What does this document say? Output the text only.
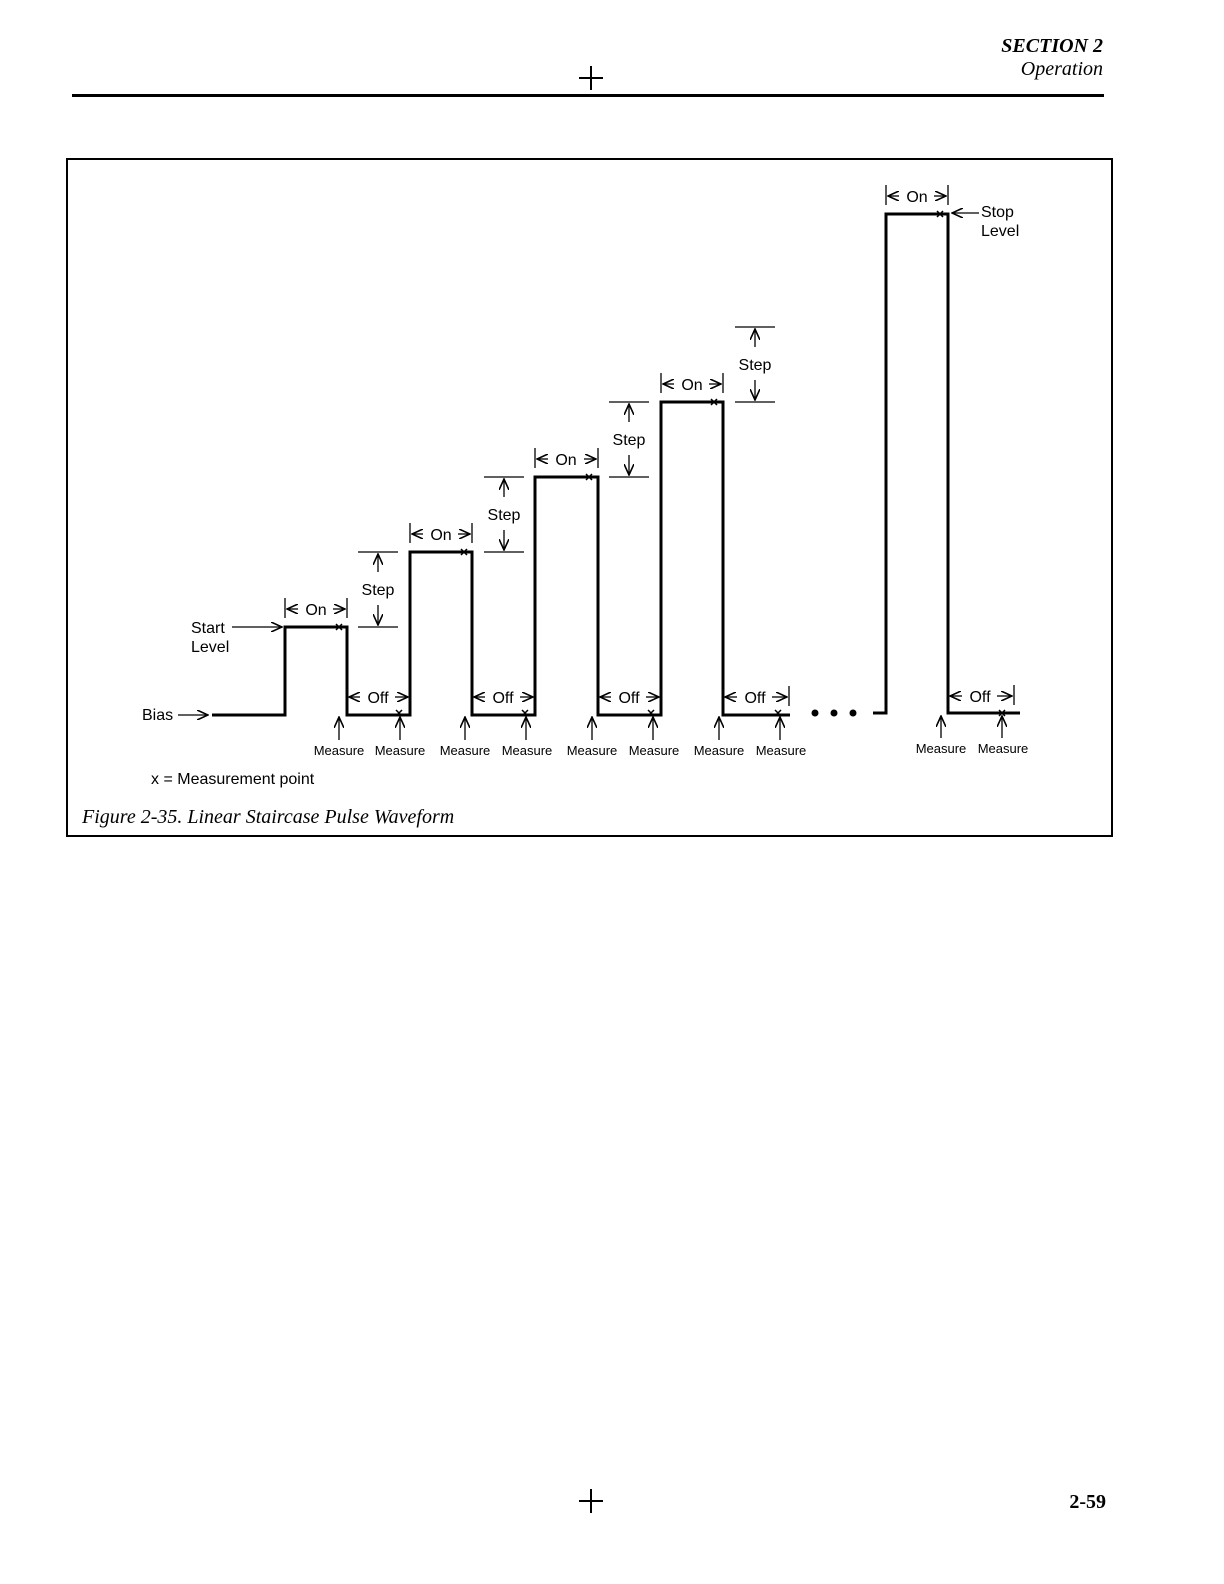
SECTION 2
Operation
Start
Level
Bias
Stop
Level
On
On
On
On
On
Off	Off	Off	Off	Off
Step
Step
Step
Step
Measure Measure Measure Measure Measure Measure Measure Measure	Measure Measure
x = Measurement point
Figure 2-35. Linear Staircase Pulse Waveform
2-59
